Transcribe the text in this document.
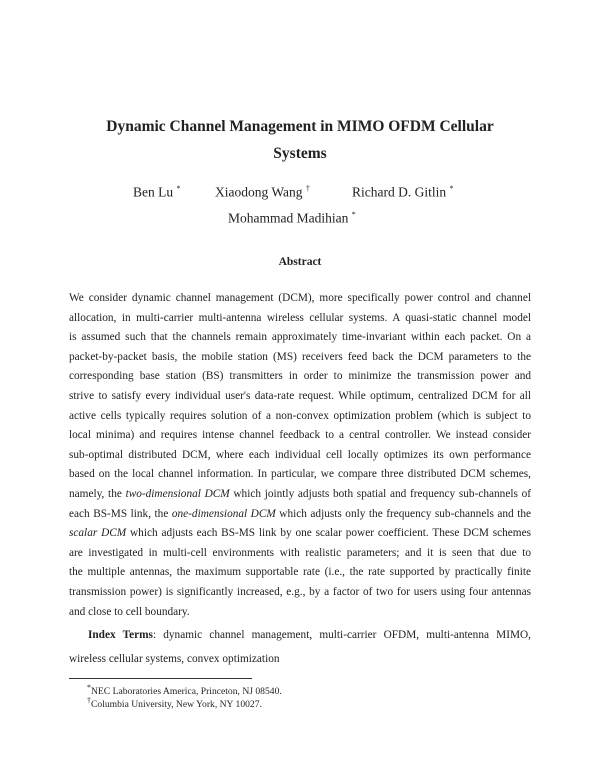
Dynamic Channel Management in MIMO OFDM Cellular
Systems
Ben Lu *	Xiaodong Wang †	Richard D. Gitlin *
Mohammad Madihian *
Abstract
We consider dynamic channel management (DCM), more specifically power control and channel
allocation, in multi-carrier multi-antenna wireless cellular systems. A quasi-static channel model
is assumed such that the channels remain approximately time-invariant within each packet. On a
packet-by-packet basis, the mobile station (MS) receivers feed back the DCM parameters to the
corresponding base station (BS) transmitters in order to minimize the transmission power and
strive to satisfy every individual user's data-rate request. While optimum, centralized DCM for all
active cells typically requires solution of a non-convex optimization problem (which is subject to
local minima) and requires intense channel feedback to a central controller. We instead consider
sub-optimal distributed DCM, where each individual cell locally optimizes its own performance
based on the local channel information. In particular, we compare three distributed DCM schemes,
namely, the two-dimensional DCM which jointly adjusts both spatial and frequency sub-channels of
each BS-MS link, the one-dimensional DCM which adjusts only the frequency sub-channels and the
scalar DCM which adjusts each BS-MS link by one scalar power coefficient. These DCM schemes
are investigated in multi-cell environments with realistic parameters; and it is seen that due to
the multiple antennas, the maximum supportable rate (i.e., the rate supported by practically finite
transmission power) is significantly increased, e.g., by a factor of two for users using four antennas
and close to cell boundary.
Index Terms: dynamic channel management, multi-carrier OFDM, multi-antenna MIMO,
wireless cellular systems, convex optimization
*NEC Laboratories America, Princeton, NJ 08540.
†Columbia University, New York, NY 10027.
